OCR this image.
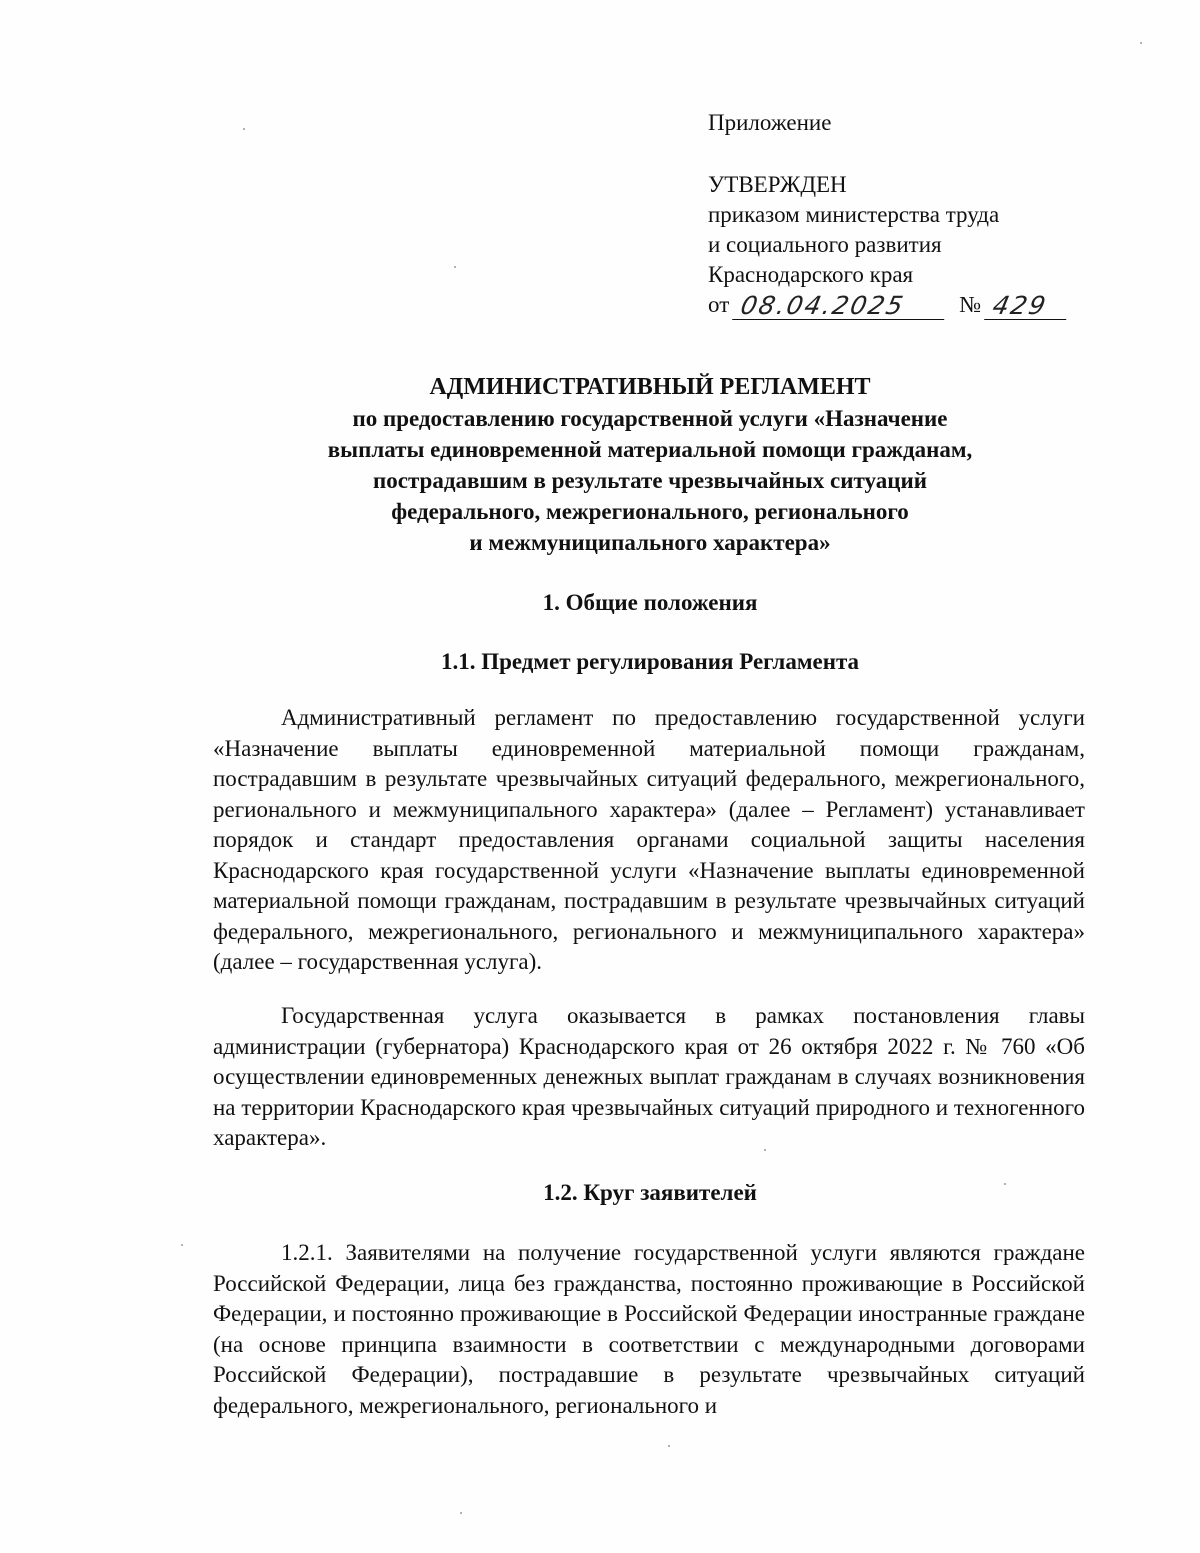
Приложение
УТВЕРЖДЕН
приказом министерства труда
и социального развития
Краснодарского края
от 08.04.2025	№ 429
АДМИНИСТРАТИВНЫЙ РЕГЛАМЕНТ
по предоставлению государственной услуги «Назначение
выплаты единовременной материальной помощи гражданам,
пострадавшим в результате чрезвычайных ситуаций
федерального, межрегионального, регионального
и межмуниципального характера»
1. Общие положения
1.1. Предмет регулирования Регламента

Административный регламент по предоставлению государственной услуги «Назначение выплаты единовременной материальной помощи гражданам, пострадавшим в результате чрезвычайных ситуаций федерального, межрегионального, регионального и межмуниципального характера» (далее – Регламент) устанавливает порядок и стандарт предоставления органами социальной защиты населения Краснодарского края государственной услуги «Назначение выплаты единовременной материальной помощи гражданам, пострадавшим в результате чрезвычайных ситуаций федерального, межрегионального, регионального и межмуниципального характера» (далее – государственная услуга).

Государственная услуга оказывается в рамках постановления главы администрации (губернатора) Краснодарского края от 26 октября 2022 г. № 760 «Об осуществлении единовременных денежных выплат гражданам в случаях возникновения на территории Краснодарского края чрезвычайных ситуаций природного и техногенного характера».

1.2. Круг заявителей

1.2.1. Заявителями на получение государственной услуги являются граждане Российской Федерации, лица без гражданства, постоянно проживающие в Российской Федерации, и постоянно проживающие в Российской Федерации иностранные граждане (на основе принципа взаимности в соответствии с международными договорами Российской Федерации), пострадавшие в результате чрезвычайных ситуаций федерального, межрегионального, регионального и
